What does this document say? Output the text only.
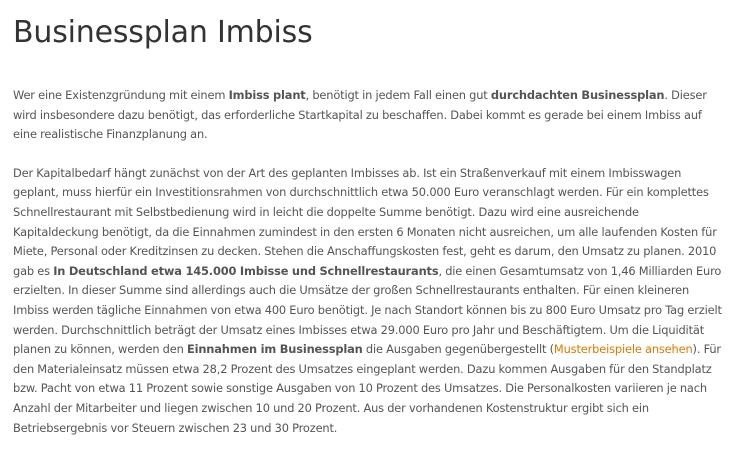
Businessplan Imbiss

Wer eine Existenzgründung mit einem Imbiss plant, benötigt in jedem Fall einen gut durchdachten Businessplan. Dieser wird insbesondere dazu benötigt, das erforderliche Startkapital zu beschaffen. Dabei kommt es gerade bei einem Imbiss auf eine realistische Finanzplanung an.

Der Kapitalbedarf hängt zunächst von der Art des geplanten Imbisses ab. Ist ein Straßenverkauf mit einem Imbisswagen geplant, muss hierfür ein Investitionsrahmen von durchschnittlich etwa 50.000 Euro veranschlagt werden. Für ein komplettes Schnellrestaurant mit Selbstbedienung wird in leicht die doppelte Summe benötigt. Dazu wird eine ausreichende Kapitaldeckung benötigt, da die Einnahmen zumindest in den ersten 6 Monaten nicht ausreichen, um alle laufenden Kosten für Miete, Personal oder Kreditzinsen zu decken. Stehen die Anschaffungskosten fest, geht es darum, den Umsatz zu planen. 2010 gab es In Deutschland etwa 145.000 Imbisse und Schnellrestaurants, die einen Gesamtumsatz von 1,46 Milliarden Euro erzielten. In dieser Summe sind allerdings auch die Umsätze der großen Schnellrestaurants enthalten. Für einen kleineren Imbiss werden tägliche Einnahmen von etwa 400 Euro benötigt. Je nach Standort können bis zu 800 Euro Umsatz pro Tag erzielt werden. Durchschnittlich beträgt der Umsatz eines Imbisses etwa 29.000 Euro pro Jahr und Beschäftigtem. Um die Liquidität planen zu können, werden den Einnahmen im Businessplan die Ausgaben gegenübergestellt (Musterbeispiele ansehen). Für den Materialeinsatz müssen etwa 28,2 Prozent des Umsatzes eingeplant werden. Dazu kommen Ausgaben für den Standplatz bzw. Pacht von etwa 11 Prozent sowie sonstige Ausgaben von 10 Prozent des Umsatzes. Die Personalkosten variieren je nach Anzahl der Mitarbeiter und liegen zwischen 10 und 20 Prozent. Aus der vorhandenen Kostenstruktur ergibt sich ein Betriebsergebnis vor Steuern zwischen 23 und 30 Prozent.
